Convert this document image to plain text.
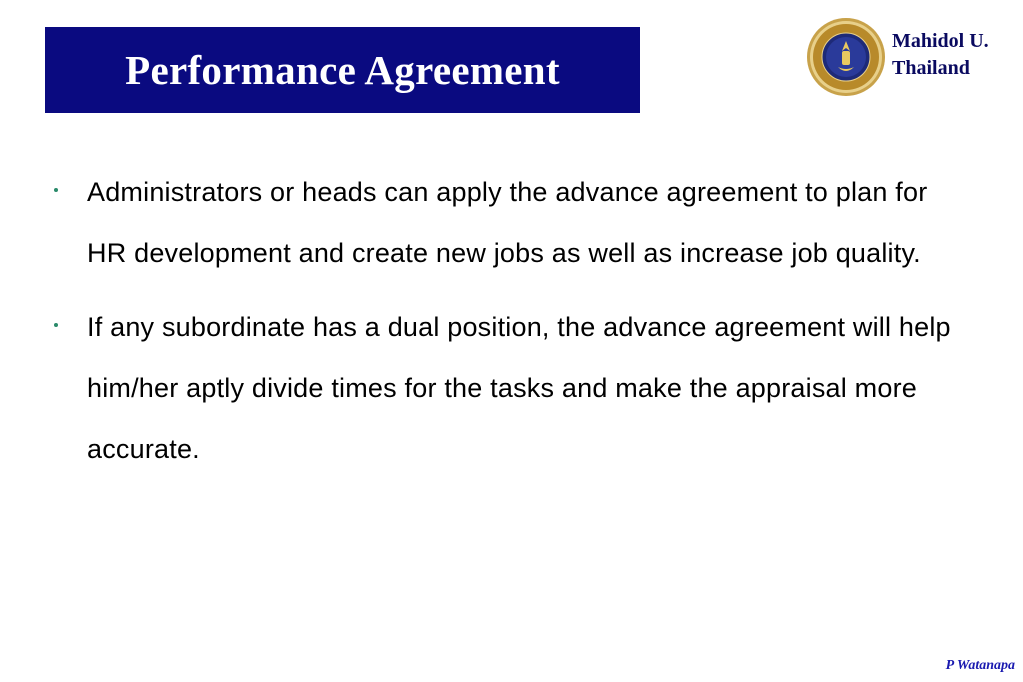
Performance Agreement
Mahidol U.
Thailand
Administrators or heads can apply the advance agreement to plan for HR development and create new jobs as well as increase job quality.
If any subordinate has a dual position, the advance agreement will help him/her aptly divide times for the tasks and make the appraisal more accurate.
P Watanapa
